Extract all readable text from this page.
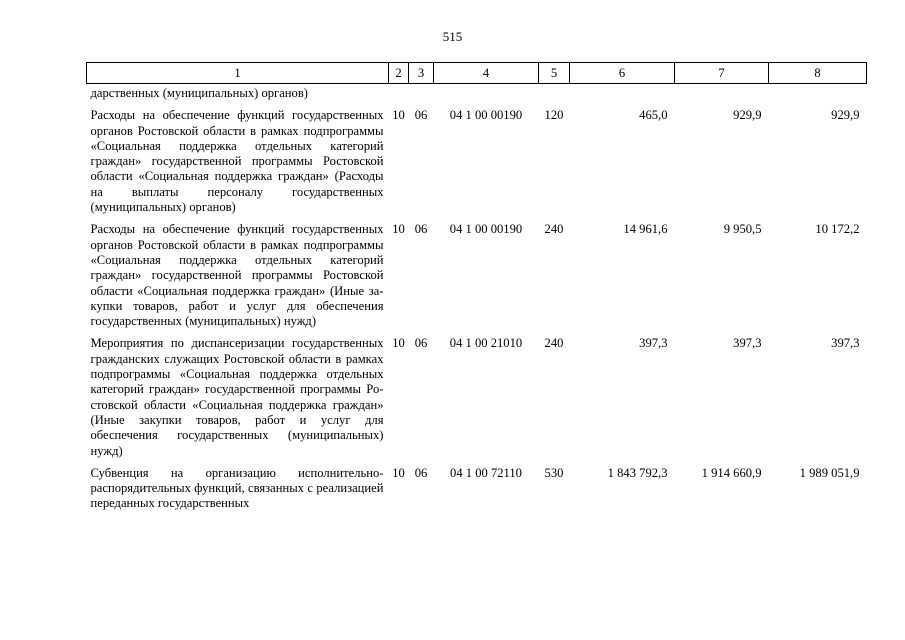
515
1	2	3	4	5	6	7	8
дарственных (муниципальных) органов)							
Расходы на обеспечение функций государственных органов Ростовской области в рамках подпрограммы «Социальная поддержка отдельных категорий граждан» государственной программы Ростовской области «Социальная поддержка граждан» (Расходы на выплаты персоналу государственных (муниципальных) органов)	10	06	04 1 00 00190	120	465,0	929,9	929,9
Расходы на обеспечение функций государственных органов Ростовской области в рамках подпрограммы «Социальная поддержка отдельных категорий граждан» государственной программы Ростовской области «Социальная поддержка граждан» (Иные закупки товаров, работ и услуг для обеспечения государственных (муниципальных) нужд)	10	06	04 1 00 00190	240	14 961,6	9 950,5	10 172,2
Мероприятия по диспансеризации государственных гражданских служащих Ростовской области в рамках подпрограммы «Социальная поддержка отдельных категорий граждан» государственной программы Ростовской области «Социальная поддержка граждан» (Иные закупки товаров, работ и услуг для обеспечения государственных (муниципальных) нужд)	10	06	04 1 00 21010	240	397,3	397,3	397,3
Субвенция на организацию исполнительно-распорядительных функций, связанных с реализацией переданных государственных	10	06	04 1 00 72110	530	1 843 792,3	1 914 660,9	1 989 051,9
